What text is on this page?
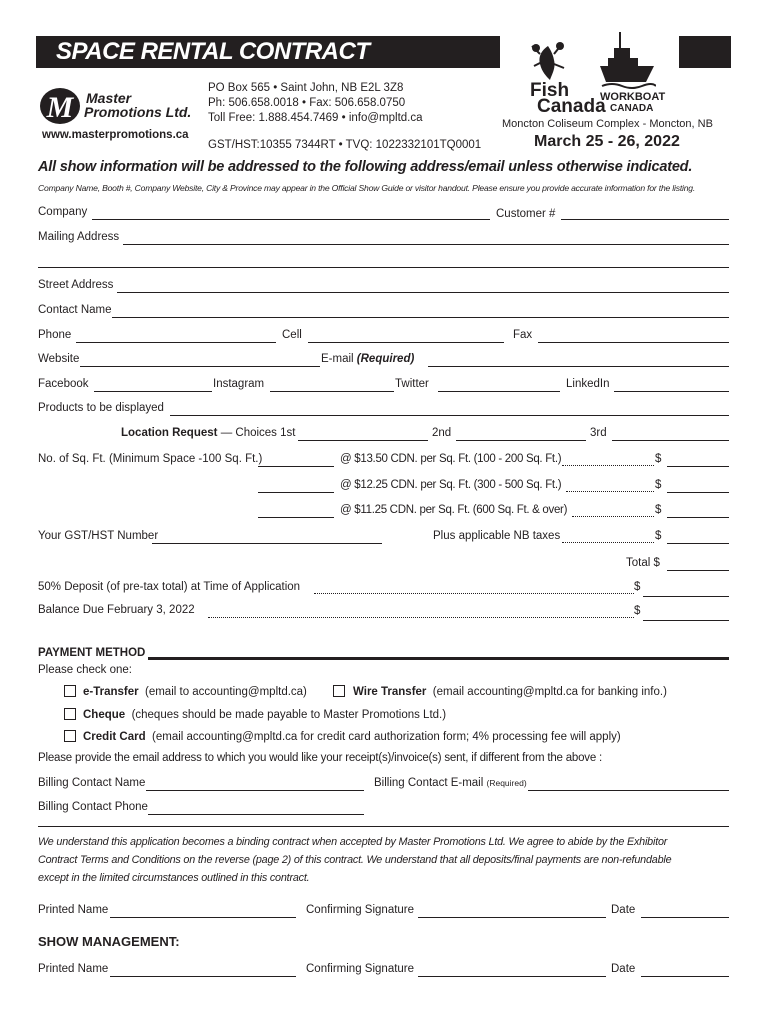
SPACE RENTAL CONTRACT
M Master
Promotions Ltd.
www.masterpromotions.ca
PO Box 565 • Saint John, NB E2L 3Z8
Ph: 506.658.0018 • Fax: 506.658.0750
Toll Free: 1.888.454.7469 • info@mpltd.ca
GST/HST:10355 7344RT • TVQ: 1022332101TQ0001
Fish
Canada
WORKBOAT
CANADA
Moncton Coliseum Complex - Moncton, NB
March 25 - 26, 2022
All show information will be addressed to the following address/email unless otherwise indicated.
Company Name, Booth #, Company Website, City & Province may appear in the Official Show Guide or visitor handout. Please ensure you provide accurate information for the listing.
Company	Customer #
Mailing Address
Street Address
Contact Name
Phone	Cell	Fax
Website	E-mail (Required)
Facebook	Instagram	Twitter	LinkedIn
Products to be displayed
Location Request — Choices 1st	2nd	3rd
No. of Sq. Ft. (Minimum Space -100 Sq. Ft.)	@ $13.50 CDN. per Sq. Ft. (100 - 200 Sq. Ft.)	$
@ $12.25 CDN. per Sq. Ft. (300 - 500 Sq. Ft.)	$
@ $11.25 CDN. per Sq. Ft. (600 Sq. Ft. & over)	$
Your GST/HST Number	Plus applicable NB taxes	$
Total $
50% Deposit (of pre-tax total) at Time of Application	$
Balance Due February 3, 2022	$
PAYMENT METHOD
Please check one:
e-Transfer (email to accounting@mpltd.ca)	Wire Transfer (email accounting@mpltd.ca for banking info.)
Cheque (cheques should be made payable to Master Promotions Ltd.)
Credit Card (email accounting@mpltd.ca for credit card authorization form; 4% processing fee will apply)
Please provide the email address to which you would like your receipt(s)/invoice(s) sent, if different from the above :
Billing Contact Name	Billing Contact E-mail (Required)
Billing Contact Phone
We understand this application becomes a binding contract when accepted by Master Promotions Ltd. We agree to abide by the Exhibitor
Contract Terms and Conditions on the reverse (page 2) of this contract. We understand that all deposits/final payments are non-refundable
except in the limited circumstances outlined in this contract.
Printed Name	Confirming Signature	Date
SHOW MANAGEMENT:
Printed Name	Confirming Signature	Date
